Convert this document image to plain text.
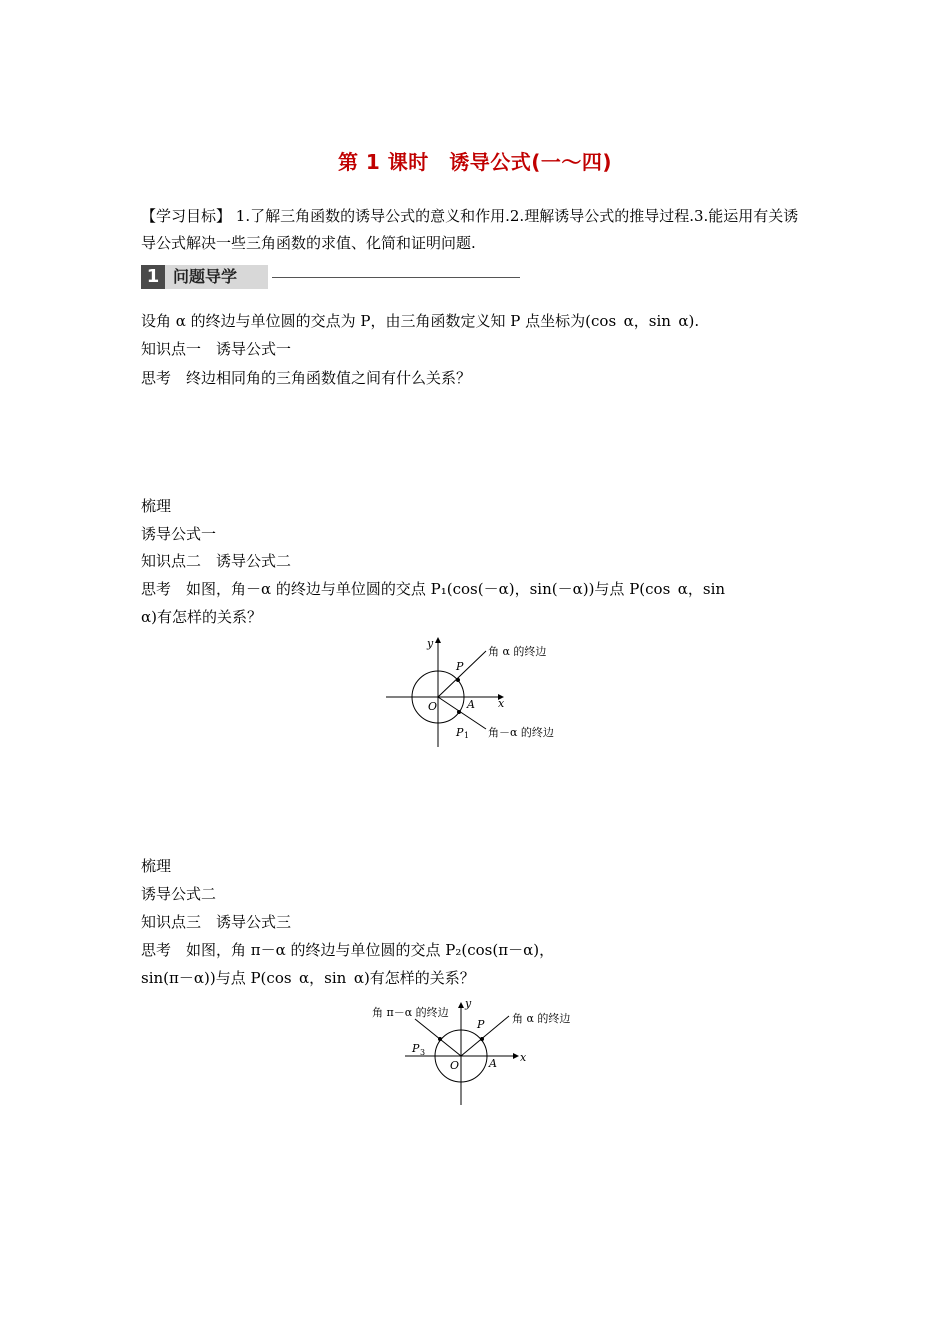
第 1 课时　诱导公式(一～四)
【学习目标】 1.了解三角函数的诱导公式的意义和作用.2.理解诱导公式的推导过程.3.能运用有关诱导公式解决一些三角函数的求值、化简和证明问题.
1 问题导学
设角 α 的终边与单位圆的交点为 P，由三角函数定义知 P 点坐标为(cos α，sin α).
知识点一　诱导公式一
思考　终边相同角的三角函数值之间有什么关系？
梳理
诱导公式一
知识点二　诱导公式二
思考　如图，角－α 的终边与单位圆的交点 P₁(cos(－α)，sin(－α))与点 P(cos α，sin
α)有怎样的关系？
y
x
O	A
P
P 1
角 α 的终边
角－α 的终边
梳理
诱导公式二
知识点三　诱导公式三
思考　如图，角 π－α 的终边与单位圆的交点 P₂(cos(π－α)，
sin(π－α))与点 P(cos α，sin α)有怎样的关系？
y
x
O	A
P
P 3
角 α 的终边
角 π－α 的终边
